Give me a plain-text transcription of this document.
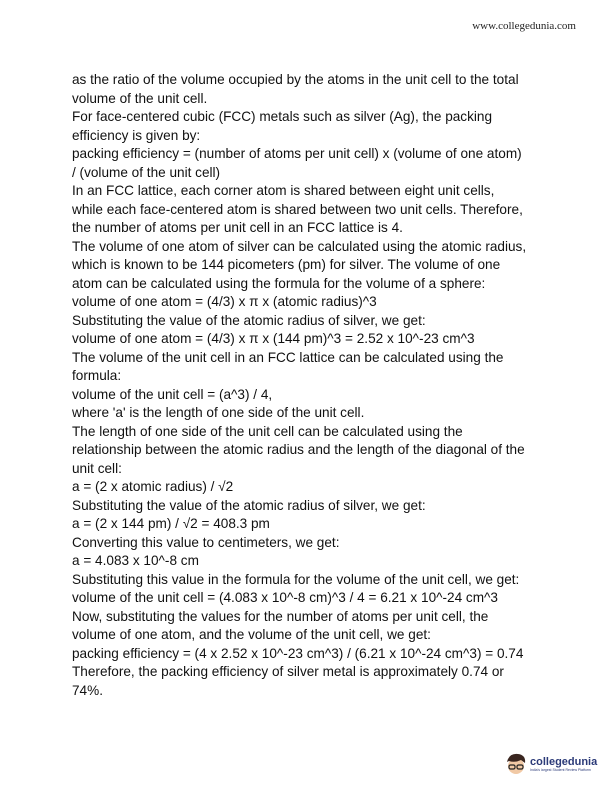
www.collegedunia.com
as the ratio of the volume occupied by the atoms in the unit cell to the total
volume of the unit cell.
For face-centered cubic (FCC) metals such as silver (Ag), the packing
efficiency is given by:
packing efficiency = (number of atoms per unit cell) x (volume of one atom)
/ (volume of the unit cell)
In an FCC lattice, each corner atom is shared between eight unit cells,
while each face-centered atom is shared between two unit cells. Therefore,
the number of atoms per unit cell in an FCC lattice is 4.
The volume of one atom of silver can be calculated using the atomic radius,
which is known to be 144 picometers (pm) for silver. The volume of one
atom can be calculated using the formula for the volume of a sphere:
volume of one atom = (4/3) x π x (atomic radius)^3
Substituting the value of the atomic radius of silver, we get:
volume of one atom = (4/3) x π x (144 pm)^3 = 2.52 x 10^-23 cm^3
The volume of the unit cell in an FCC lattice can be calculated using the
formula:
volume of the unit cell = (a^3) / 4,
where 'a' is the length of one side of the unit cell.
The length of one side of the unit cell can be calculated using the
relationship between the atomic radius and the length of the diagonal of the
unit cell:
a = (2 x atomic radius) / √2
Substituting the value of the atomic radius of silver, we get:
a = (2 x 144 pm) / √2 = 408.3 pm
Converting this value to centimeters, we get:
a = 4.083 x 10^-8 cm
Substituting this value in the formula for the volume of the unit cell, we get:
volume of the unit cell = (4.083 x 10^-8 cm)^3 / 4 = 6.21 x 10^-24 cm^3
Now, substituting the values for the number of atoms per unit cell, the
volume of one atom, and the volume of the unit cell, we get:
packing efficiency = (4 x 2.52 x 10^-23 cm^3) / (6.21 x 10^-24 cm^3) = 0.74
Therefore, the packing efficiency of silver metal is approximately 0.74 or
74%.
collegedunia
India's largest Student Review Platform
